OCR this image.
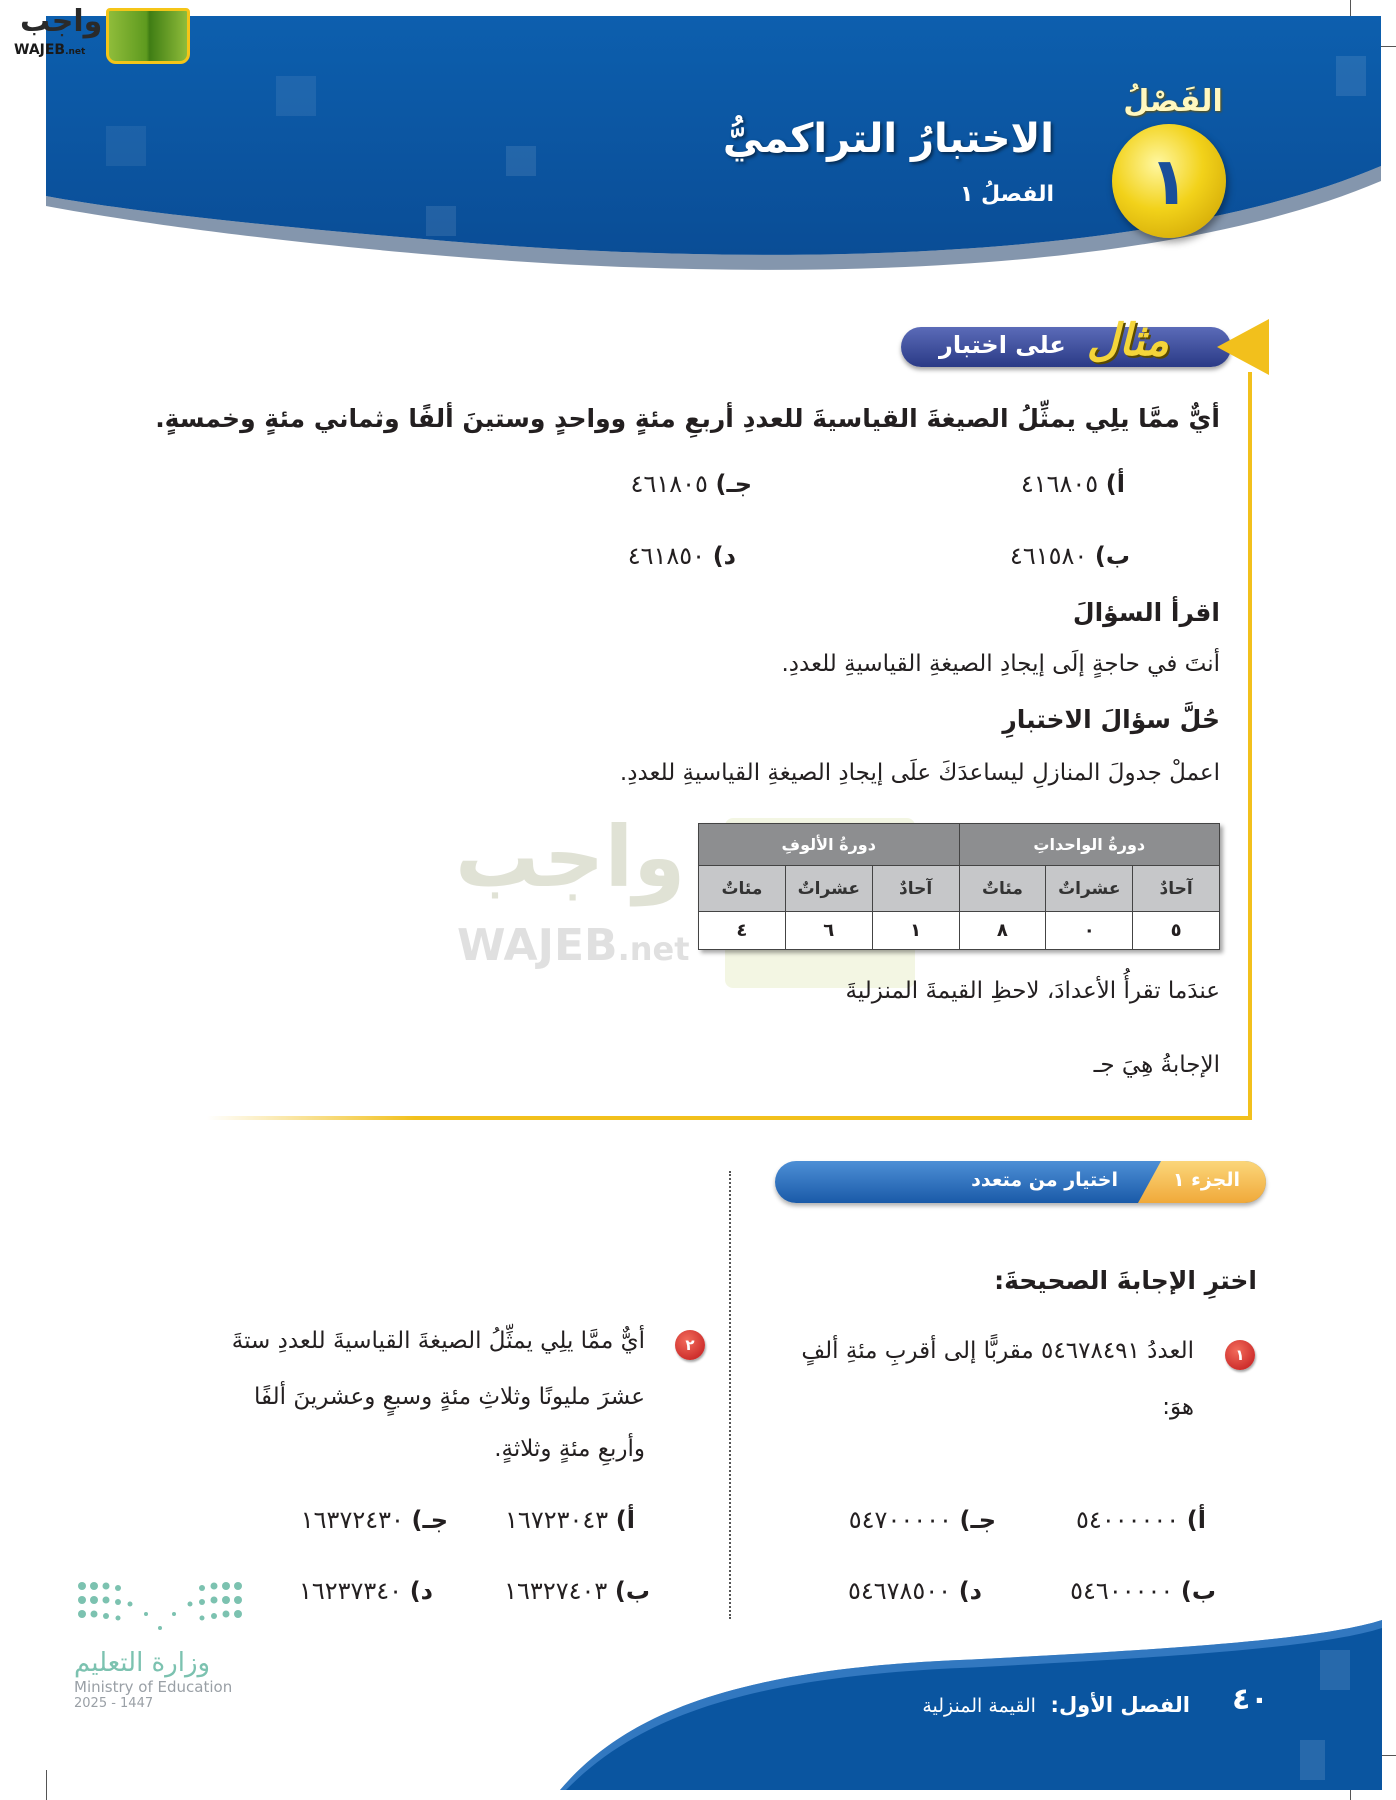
واجب
WAJEB.net
الفَصْلُ
١
الاختبارُ التراكميُّ
الفصلُ ١
على اختبار مثال
أيٌّ ممَّا يلِي يمثِّلُ الصيغةَ القياسيةَ للعددِ أربعِ مئةٍ وواحدٍ وستينَ ألفًا وثماني مئةٍ وخمسةٍ.
أ) ٤١٦٨٠٥
جـ) ٤٦١٨٠٥
ب) ٤٦١٥٨٠
د) ٤٦١٨٥٠
اقرأ السؤالَ
أنتَ في حاجةٍ إلَى إيجادِ الصيغةِ القياسيةِ للعددِ.
حُلَّ سؤالَ الاختبارِ
اعملْ جدولَ المنازلِ ليساعدَكَ علَى إيجادِ الصيغةِ القياسيةِ للعددِ.
واجب
WAJEB.net
دورةُ الواحداتِ			دورةُ الألوفِ		
آحادٌ	عشراتٌ	مئاتٌ	آحادٌ	عشراتٌ	مئاتٌ
٥	٠	٨	١	٦	٤
عندَما تقرأُ الأعدادَ، لاحظِ القيمةَ المنزليةَ
الإجابةُ هِيَ جـ
الجزء ١
اختيار من متعدد
اخترِ الإجابةَ الصحيحةَ:
١
العددُ ٥٤٦٧٨٤٩١ مقربًّا إلى أقربِ مئةِ ألفٍ
هوَ:
أ) ٥٤٠٠٠٠٠٠
جـ) ٥٤٧٠٠٠٠٠
ب) ٥٤٦٠٠٠٠٠
د) ٥٤٦٧٨٥٠٠
٢
أيٌّ ممَّا يلِي يمثِّلُ الصيغةَ القياسيةَ للعددِ ستةَ
عشرَ مليونًا وثلاثِ مئةٍ وسبعٍ وعشرينَ ألفًا
وأربعِ مئةٍ وثلاثةٍ.
أ) ١٦٧٢٣٠٤٣
جـ) ١٦٣٧٢٤٣٠
ب) ١٦٣٢٧٤٠٣
د) ١٦٢٣٧٣٤٠
وزارة التعليم
Ministry of Education
2025 - 1447	الفصل الأول:  القيمة المنزلية	٤٠
